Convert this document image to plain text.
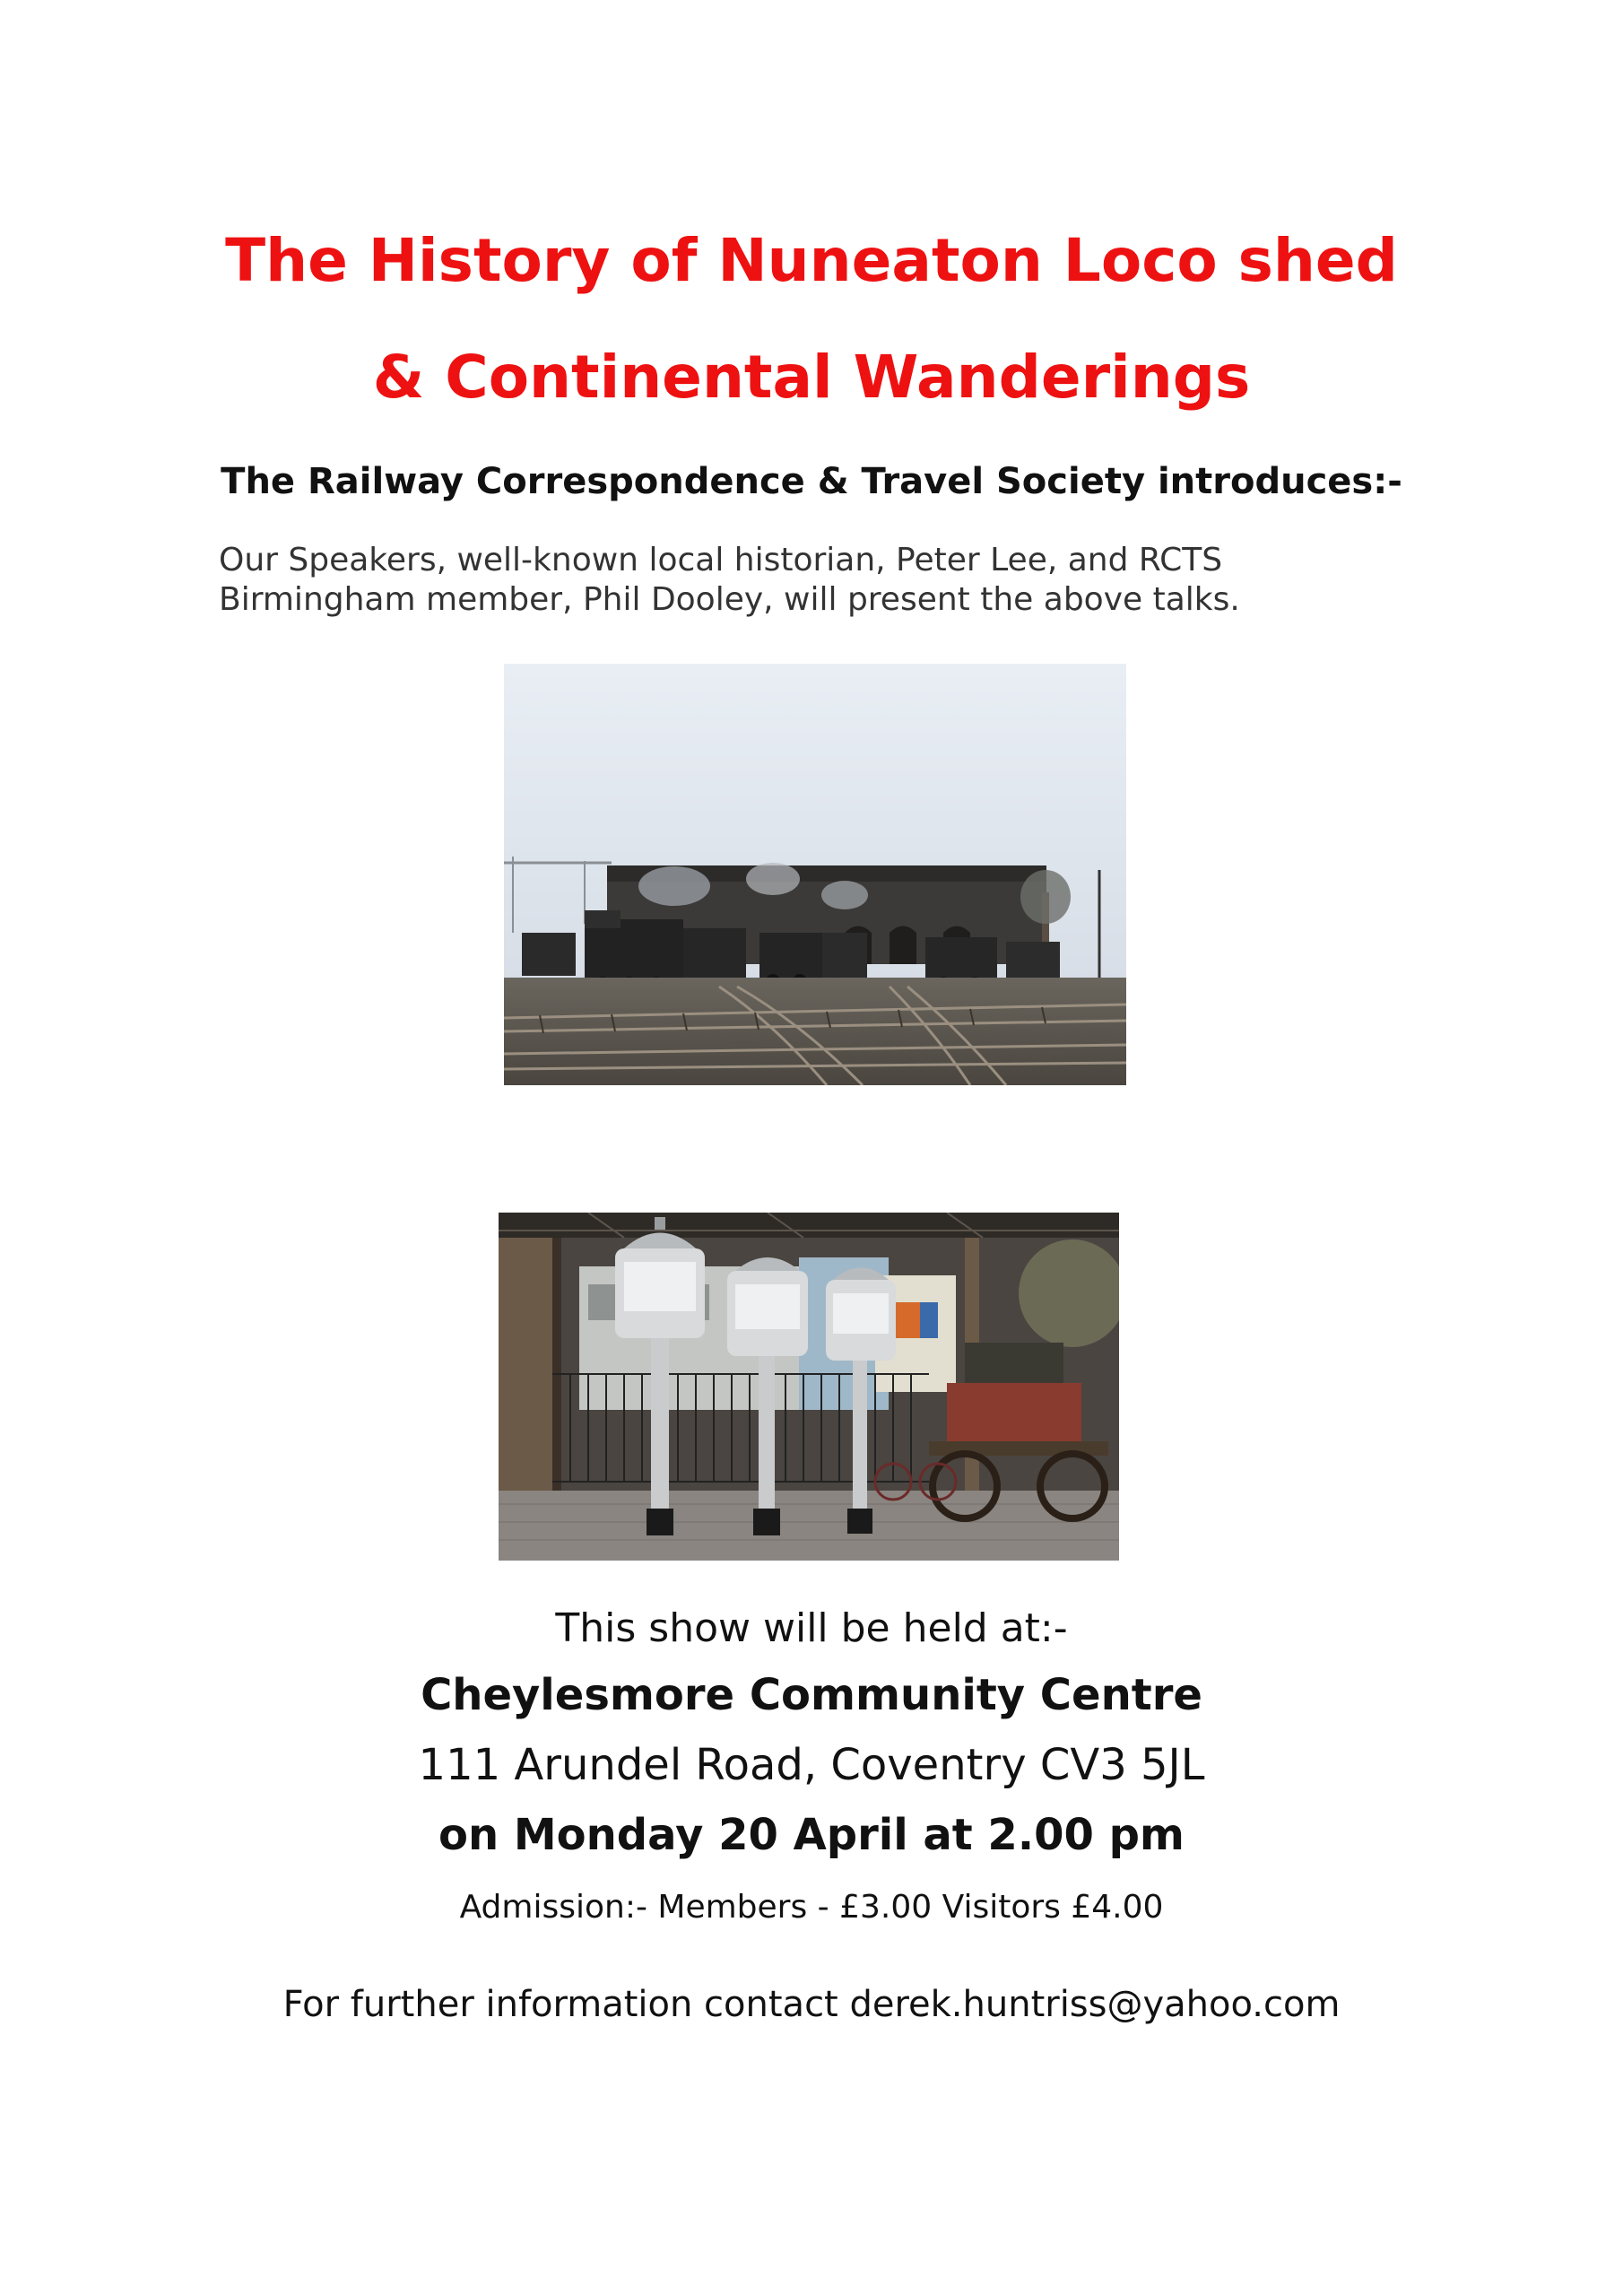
The History of Nuneaton Loco shed
& Continental Wanderings
The Railway Correspondence & Travel Society introduces:-
Our Speakers, well-known local historian, Peter Lee, and RCTS
Birmingham member, Phil Dooley, will present the above talks.
This show will be held at:-
Cheylesmore Community Centre
111 Arundel Road, Coventry CV3 5JL
on Monday 20 April at 2.00 pm
Admission:- Members - £3.00 Visitors £4.00
For further information contact derek.huntriss@yahoo.com
